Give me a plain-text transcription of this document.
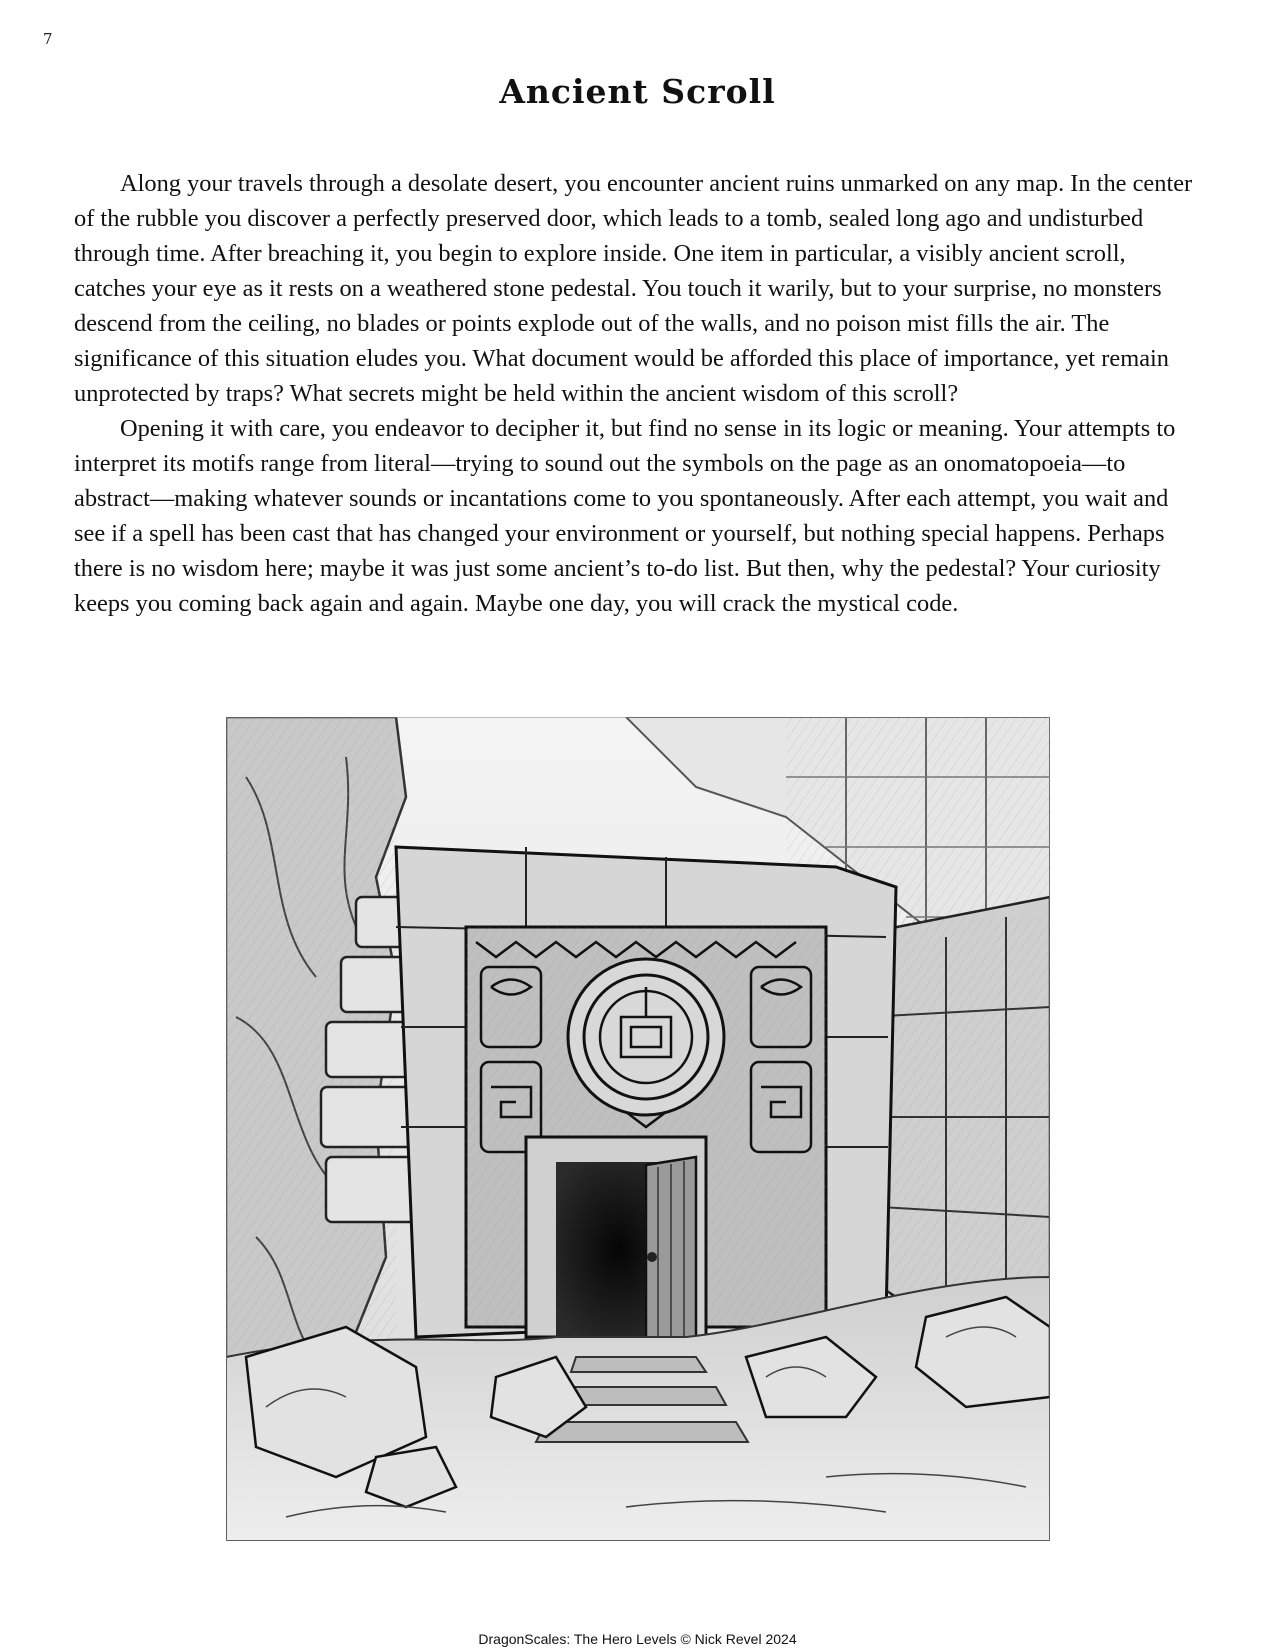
7
Ancient Scroll

Along your travels through a desolate desert, you encounter ancient ruins unmarked on any map. In the center of the rubble you discover a perfectly preserved door, which leads to a tomb, sealed long ago and undisturbed through time. After breaching it, you begin to explore inside. One item in particular, a visibly ancient scroll, catches your eye as it rests on a weathered stone pedestal. You touch it warily, but to your surprise, no monsters descend from the ceiling, no blades or points explode out of the walls, and no poison mist fills the air. The significance of this situation eludes you. What document would be afforded this place of importance, yet remain unprotected by traps? What secrets might be held within the ancient wisdom of this scroll?

Opening it with care, you endeavor to decipher it, but find no sense in its logic or meaning. Your attempts to interpret its motifs range from literal—trying to sound out the symbols on the page as an onomatopoeia—to abstract—making whatever sounds or incantations come to you spontaneously. After each attempt, you wait and see if a spell has been cast that has changed your environment or yourself, but nothing special happens. Perhaps there is no wisdom here; maybe it was just some ancient’s to-do list. But then, why the pedestal? Your curiosity keeps you coming back again and again. Maybe one day, you will crack the mystical code.

DragonScales: The Hero Levels © Nick Revel 2024
